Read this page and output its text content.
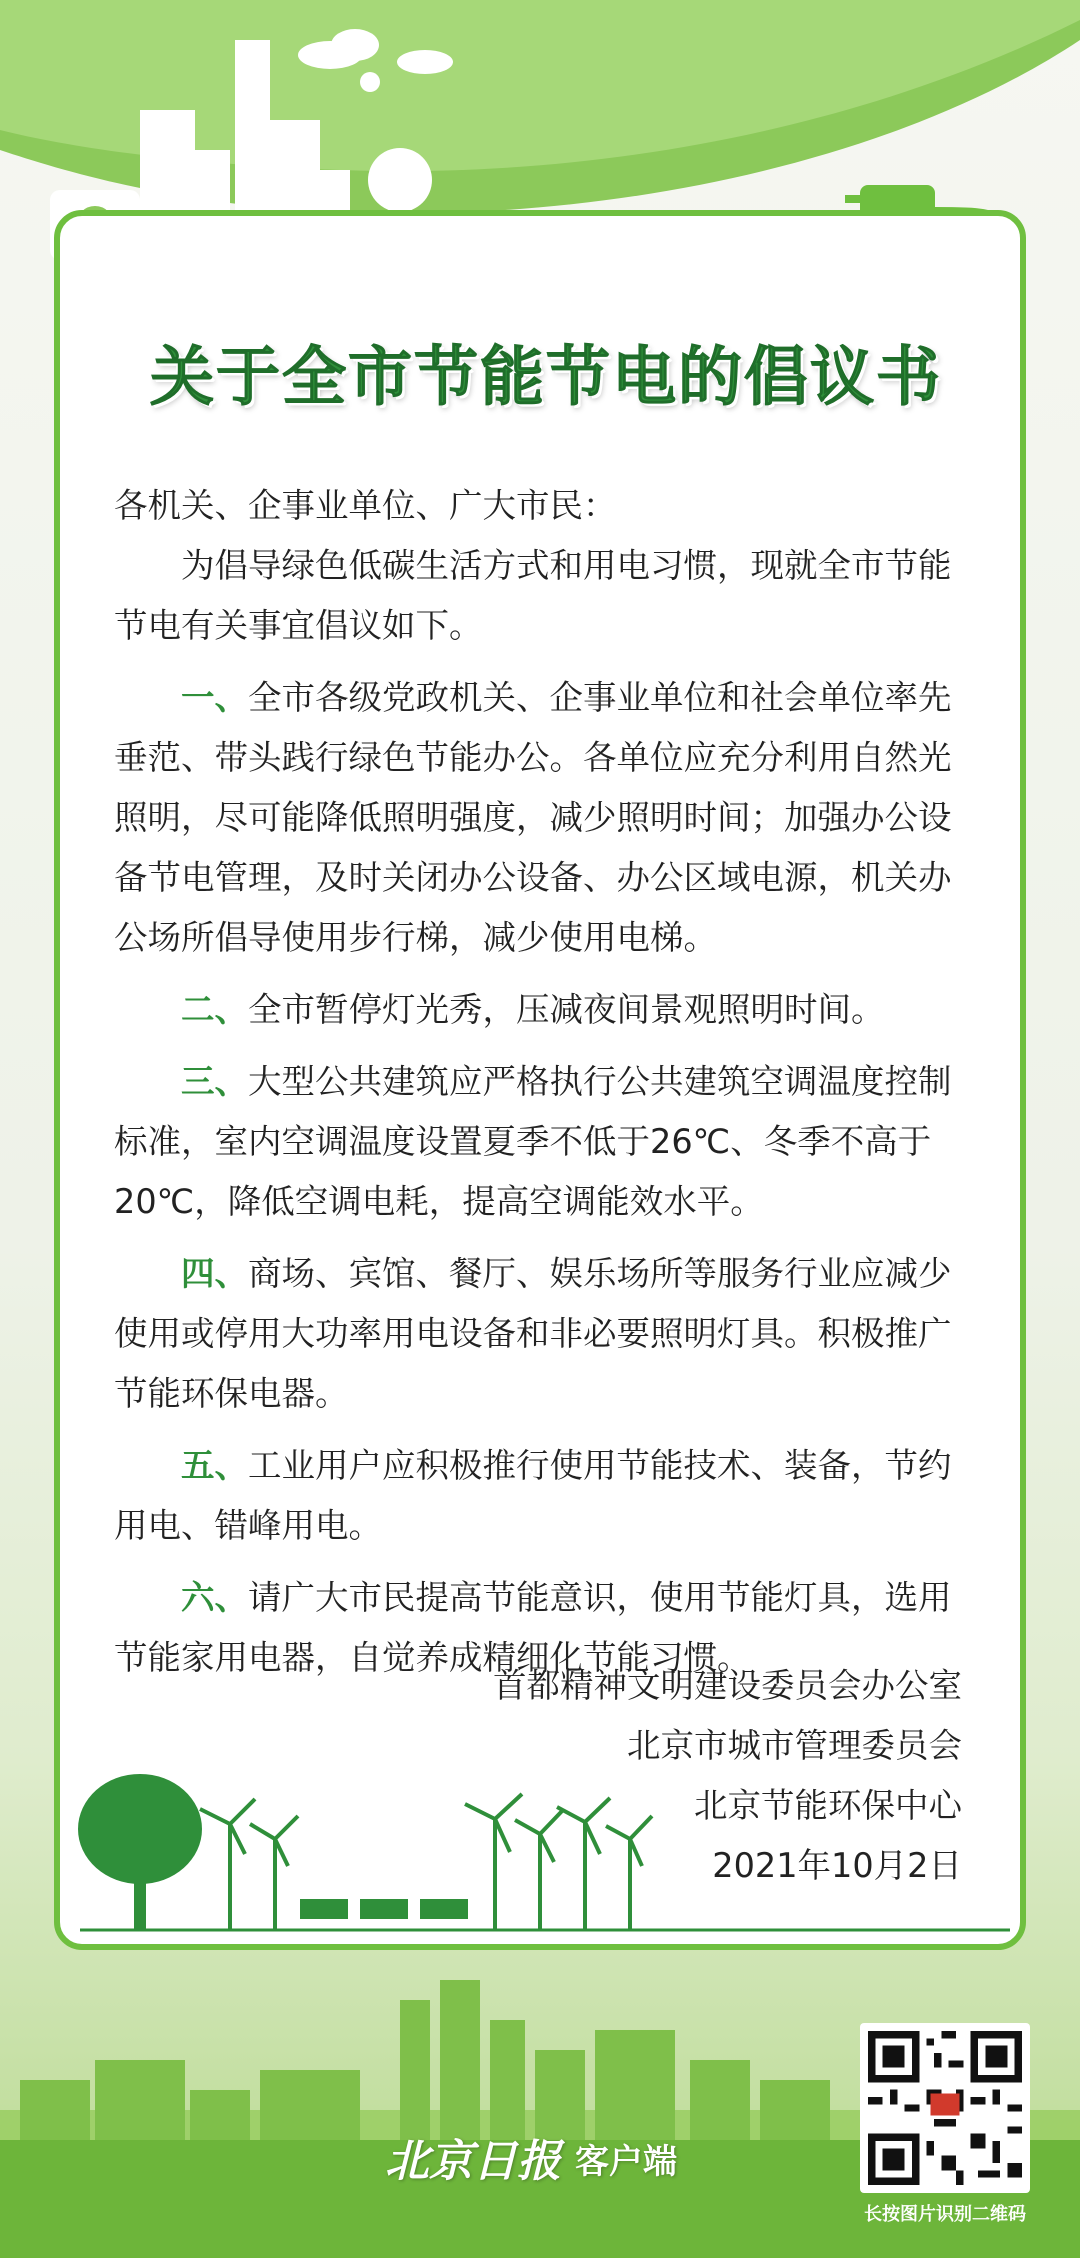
关于全市节能节电的倡议书

各机关、企事业单位、广大市民：

为倡导绿色低碳生活方式和用电习惯，现就全市节能节电有关事宜倡议如下。

一、全市各级党政机关、企事业单位和社会单位率先垂范、带头践行绿色节能办公。各单位应充分利用自然光照明，尽可能降低照明强度，减少照明时间；加强办公设备节电管理，及时关闭办公设备、办公区域电源，机关办公场所倡导使用步行梯，减少使用电梯。

二、全市暂停灯光秀，压减夜间景观照明时间。

三、大型公共建筑应严格执行公共建筑空调温度控制标准，室内空调温度设置夏季不低于26℃、冬季不高于20℃，降低空调电耗，提高空调能效水平。

四、商场、宾馆、餐厅、娱乐场所等服务行业应减少使用或停用大功率用电设备和非必要照明灯具。积极推广节能环保电器。

五、工业用户应积极推行使用节能技术、装备，节约用电、错峰用电。

六、请广大市民提高节能意识，使用节能灯具，选用节能家用电器，自觉养成精细化节能习惯。

首都精神文明建设委员会办公室

北京市城市管理委员会

北京节能环保中心

2021年10月2日

北京日报 客户端
长按图片识别二维码
